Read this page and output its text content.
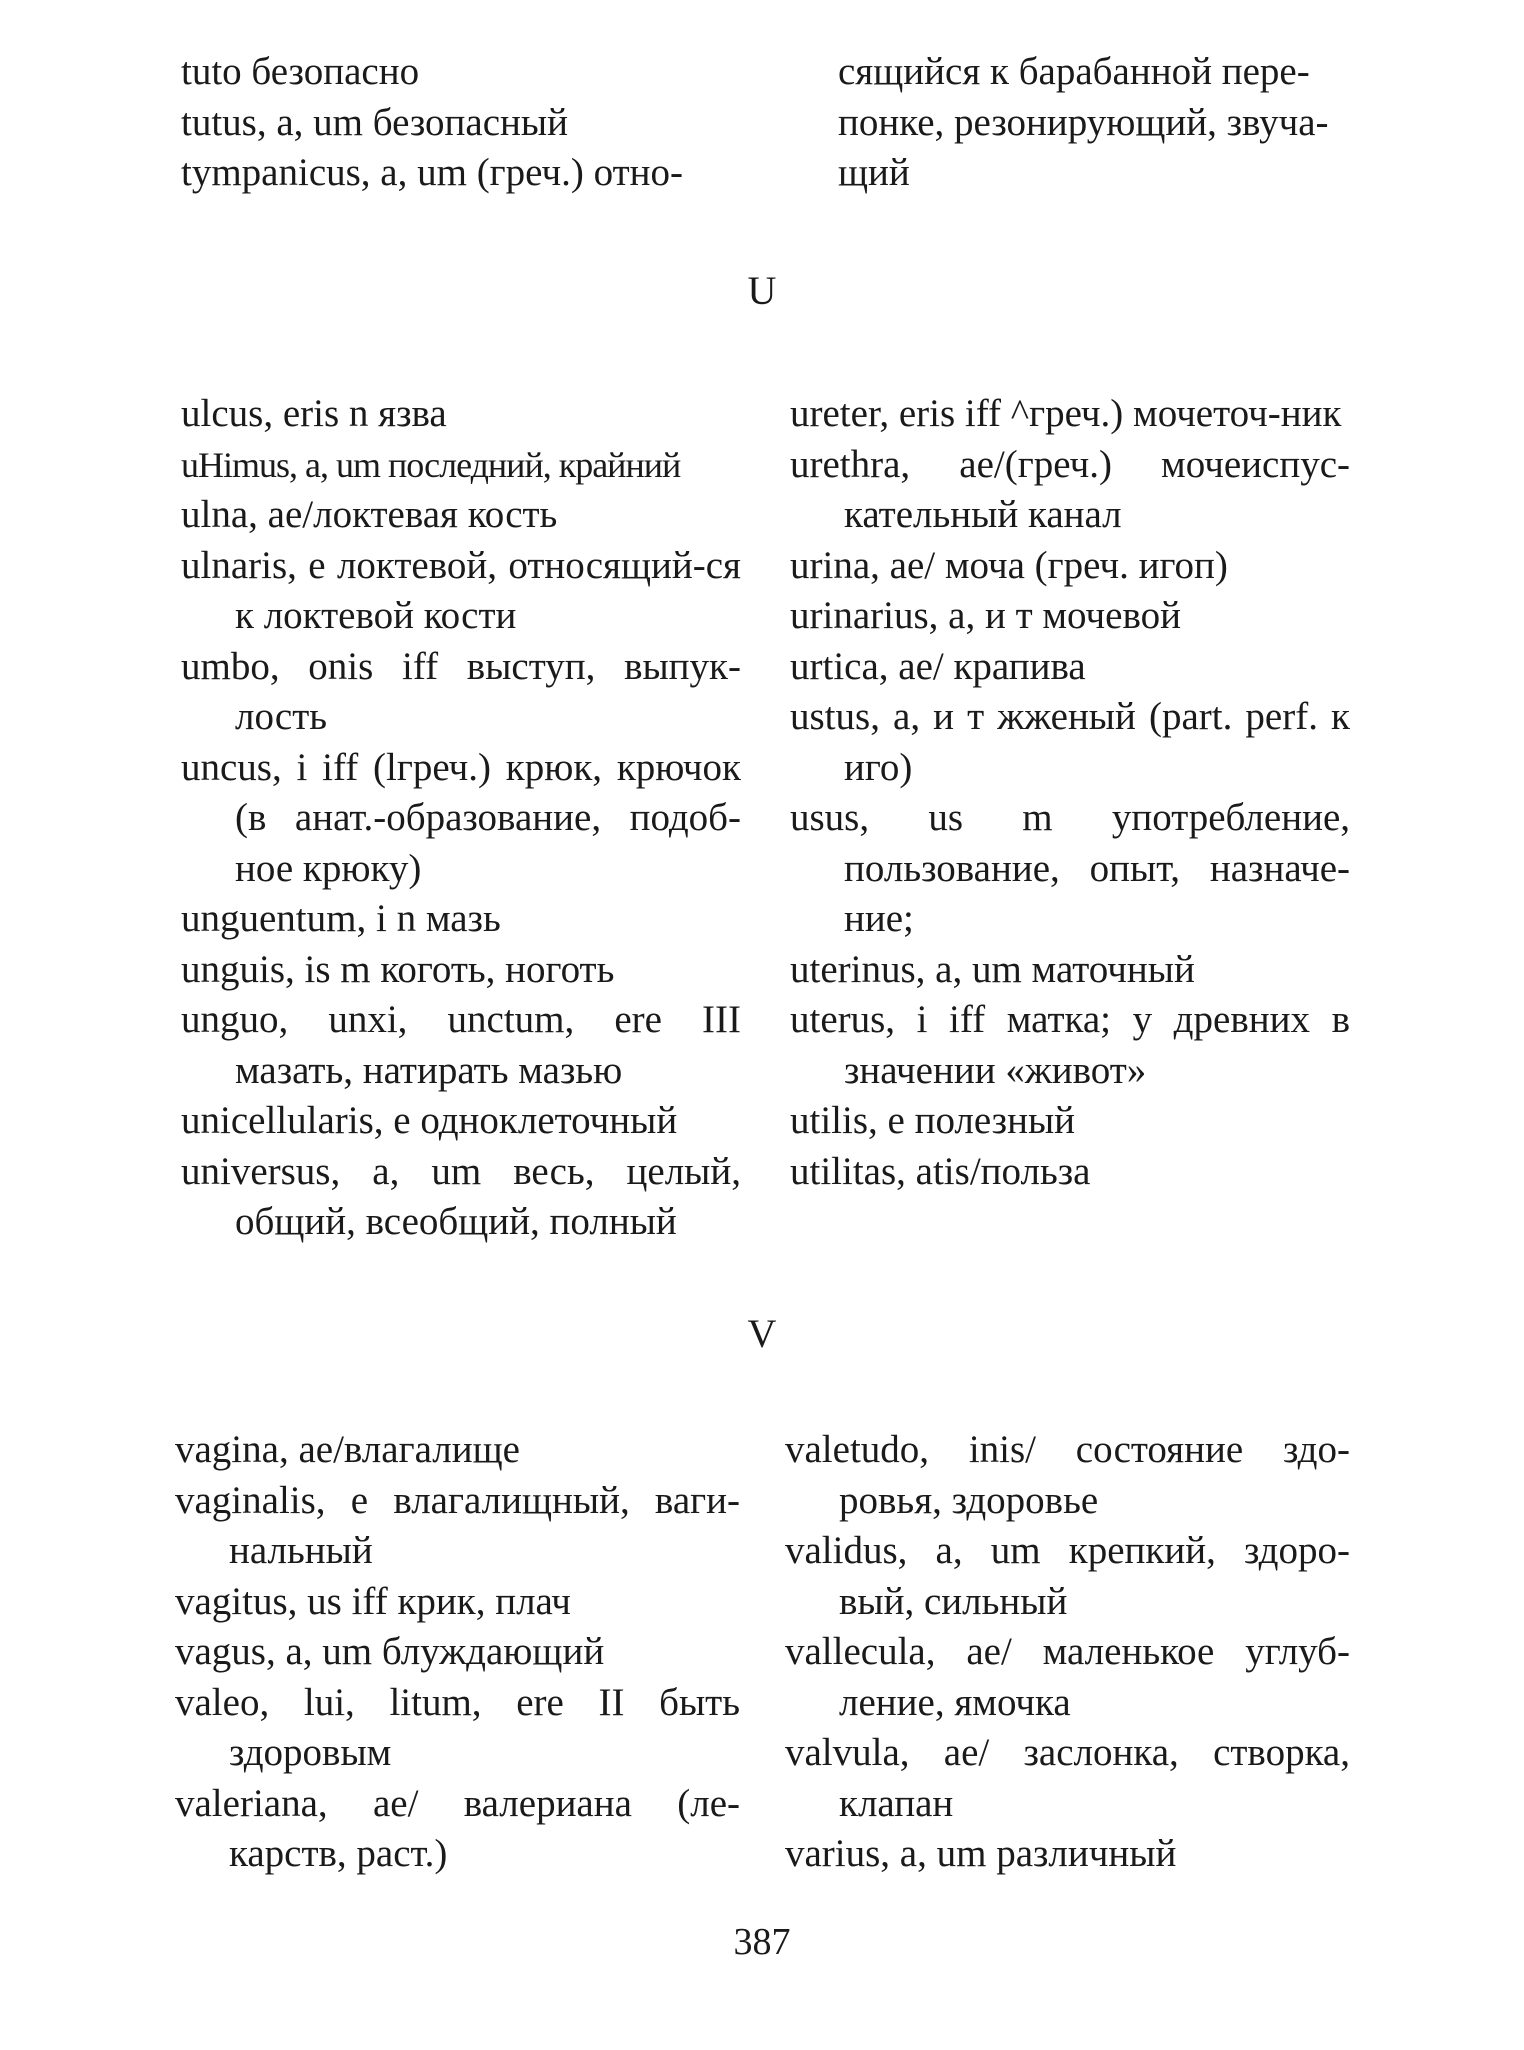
tuto безопасно

tutus, a, um безопасный

tympanicus, a, um (греч.) отно-

сящийся к барабанной пере-

понке, резонирующий, звуча-

щий

U

ulcus, eris n язва

uHimus, a, um последний, крайний

ulna, ae/локтевая кость

ulnaris, е локтевой, относящий-ся к локтевой кости

umbo, onis iff выступ, выпук-лость

uncus, i iff (lгреч.) крюк, крючок (в анат.-образование, подоб-ное крюку)

unguentum, i n мазь

unguis, is m коготь, ноготь

unguo, unxi, unctum, ere III мазать, натирать мазью

unicellularis, е одноклеточный

universus, a, um весь, целый, общий, всеобщий, полный

ureter, eris iff ^греч.) мочеточ-ник

urethra, ae/(греч.) мочеиспус-кательный канал

urina, ae/ моча (греч. игоп)

urinarius, a, и т мочевой

urtica, ae/ крапива

ustus, a, и т жженый (part. perf. к иго)

usus, us m употребление, пользование, опыт, назначе-ние;

uterinus, a, um маточный

uterus, i iff матка; у древних в значении «живот»

utilis, е полезный

utilitas, atis/польза

V

vagina, ae/влагалище

vaginalis, е влагалищный, ваги-нальный

vagitus, us iff крик, плач

vagus, a, um блуждающий

valeo, lui, litum, ere II быть здоровым

valeriana, ae/ валериана (ле-карств, раст.)

valetudo, inis/ состояние здо-ровья, здоровье

validus, a, um крепкий, здоро-вый, сильный

vallecula, ae/ маленькое углуб-ление, ямочка

valvula, ae/ заслонка, створка, клапан

varius, a, um различный

387
